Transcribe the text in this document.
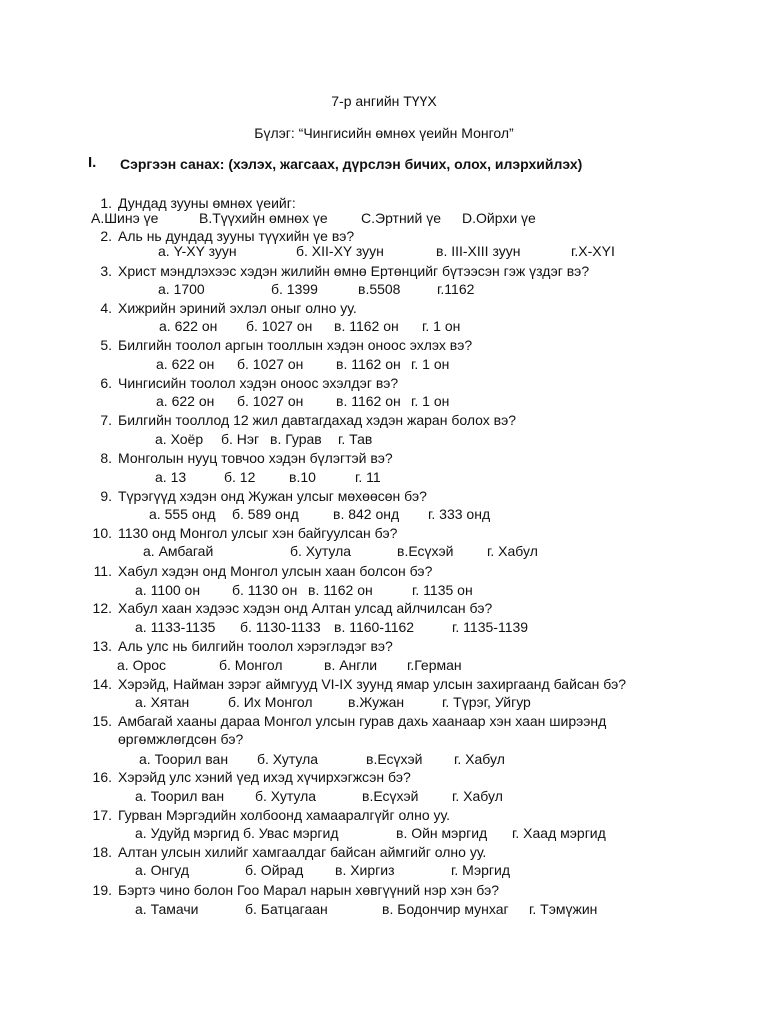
7-р ангийн ТҮҮХ
Бүлэг: “Чингисийн өмнөх үеийн Монгол”
I. Сэргээн санах: (хэлэх, жагсаах, дүрслэн бичих, олох, илэрхийлэх)
1. Дундад зууны өмнөх үеийг:
А.Шинэ үе	В.Түүхийн өмнөх үе С.Эртний үе D.Ойрхи үе
2. Аль нь дундад зууны түүхийн үе вэ?
а. Y-XY зуун	б. XII-XY зуун	в. III-XIII зуун	г.X-XYI
3. Христ мэндлэхээс хэдэн жилийн өмнө Ертөнцийг бүтээсэн гэж үздэг вэ?
а. 1700	б. 1399	в.5508	г.1162
4. Хижрийн эриний эхлэл оныг олно уу.
а. 622 он б. 1027 он в. 1162 он г. 1 он
5. Билгийн тоолол аргын тооллын хэдэн оноос эхлэх вэ?
а. 622 он б. 1027 он в. 1162 он г. 1 он
6. Чингисийн тоолол хэдэн оноос эхэлдэг вэ?
а. 622 он б. 1027 он в. 1162 он г. 1 он
7. Билгийн тооллод 12 жил давтагдахад хэдэн жаран болох вэ?
а. Хоёр б. Нэг в. Гурав г. Тав
8. Монголын нууц товчоо хэдэн бүлэгтэй вэ?
а. 13	б. 12 в.10	г. 11
9. Түрэгүүд хэдэн онд Жужан улсыг мөхөөсөн бэ?
а. 555 онд б. 589 онд в. 842 онд г. 333 онд
10. 1130 онд Монгол улсыг хэн байгуулсан бэ?
а. Амбагай	б. Хутула	в.Есүхэй г. Хабул
11. Хабул хэдэн онд Монгол улсын хаан болсон бэ?
а. 1100 он б. 1130 он в. 1162 он	г. 1135 он
12. Хабул хаан хэдээс хэдэн онд Алтан улсад айлчилсан бэ?
а. 1133-1135 б. 1130-1133 в. 1160-1162	г. 1135-1139
13. Аль улс нь билгийн тоолол хэрэглэдэг вэ?
а. Орос	б. Монгол	в. Англи г.Герман
14. Хэрэйд, Найман зэрэг аймгууд VI-IX зуунд ямар улсын захиргаанд байсан бэ?
а. Хятан	б. Их Монгол	в.Жужан	г. Түрэг, Уйгур
15. Амбагай хааны дараа Монгол улсын гурав дахь хаанаар хэн хаан ширээнд
өргөмжлөгдсөн бэ?
а. Тоорил ван б. Хутула	в.Есүхэй г. Хабул
16. Хэрэйд улс хэний үед ихэд хүчирхэгжсэн бэ?
а. Тоорил ван б. Хутула	в.Есүхэй г. Хабул
17. Гурван Мэргэдийн холбоонд хамааралгүйг олно уу.
а. Удуйд мэргид б. Увас мэргид	в. Ойн мэргид г. Хаад мэргид
18. Алтан улсын хилийг хамгаалдаг байсан аймгийг олно уу.
а. Онгуд	б. Ойрад в. Хиргиз	г. Мэргид
19. Бэртэ чино болон Гоо Марал нарын хөвгүүний нэр хэн бэ?
а. Тамачи	б. Батцагаан	в. Бодончир мунхаг г. Тэмүжин
